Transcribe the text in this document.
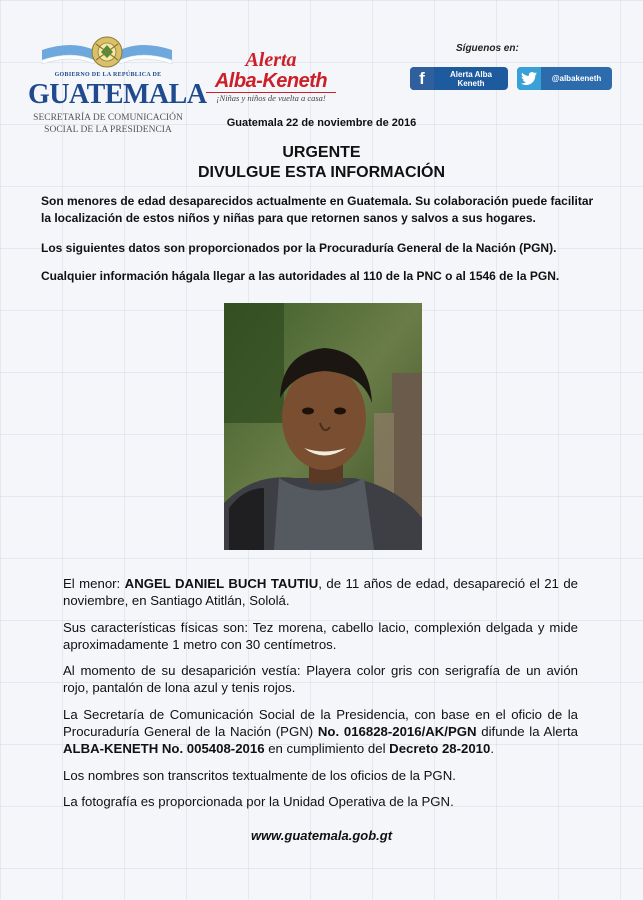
GOBIERNO DE LA REPÚBLICA DE
GUATEMALA
SECRETARÍA DE COMUNICACIÓN
SOCIAL DE LA PRESIDENCIA
Alerta
Alba-Keneth
¡Niñas y niños de vuelta a casa!
Síguenos en:
f	Alerta Alba
Keneth	@albakeneth
Guatemala 22 de noviembre de 2016
URGENTE
DIVULGUE ESTA INFORMACIÓN
Son menores de edad desaparecidos actualmente en Guatemala. Su colaboración puede facilitar la localización de estos niños y niñas para que retornen sanos y salvos a sus hogares.
Los siguientes datos son proporcionados por la Procuraduría General de la Nación (PGN).
Cualquier información hágala llegar a las autoridades al 110 de la PNC o al 1546 de la PGN.
El menor: ANGEL DANIEL BUCH TAUTIU, de 11 años de edad, desapareció el 21 de noviembre, en Santiago Atitlán, Sololá.
Sus características físicas son: Tez morena, cabello lacio, complexión delgada y mide aproximadamente 1 metro con 30 centímetros.
Al momento de su desaparición vestía: Playera color gris con serigrafía de un avión rojo, pantalón de lona azul y tenis rojos.
La Secretaría de Comunicación Social de la Presidencia, con base en el oficio de la Procuraduría General de la Nación (PGN) No. 016828-2016/AK/PGN difunde la Alerta ALBA-KENETH No. 005408-2016 en cumplimiento del Decreto 28-2010.
Los nombres son transcritos textualmente de los oficios de la PGN.
La fotografía es proporcionada por la Unidad Operativa de la PGN.
www.guatemala.gob.gt
